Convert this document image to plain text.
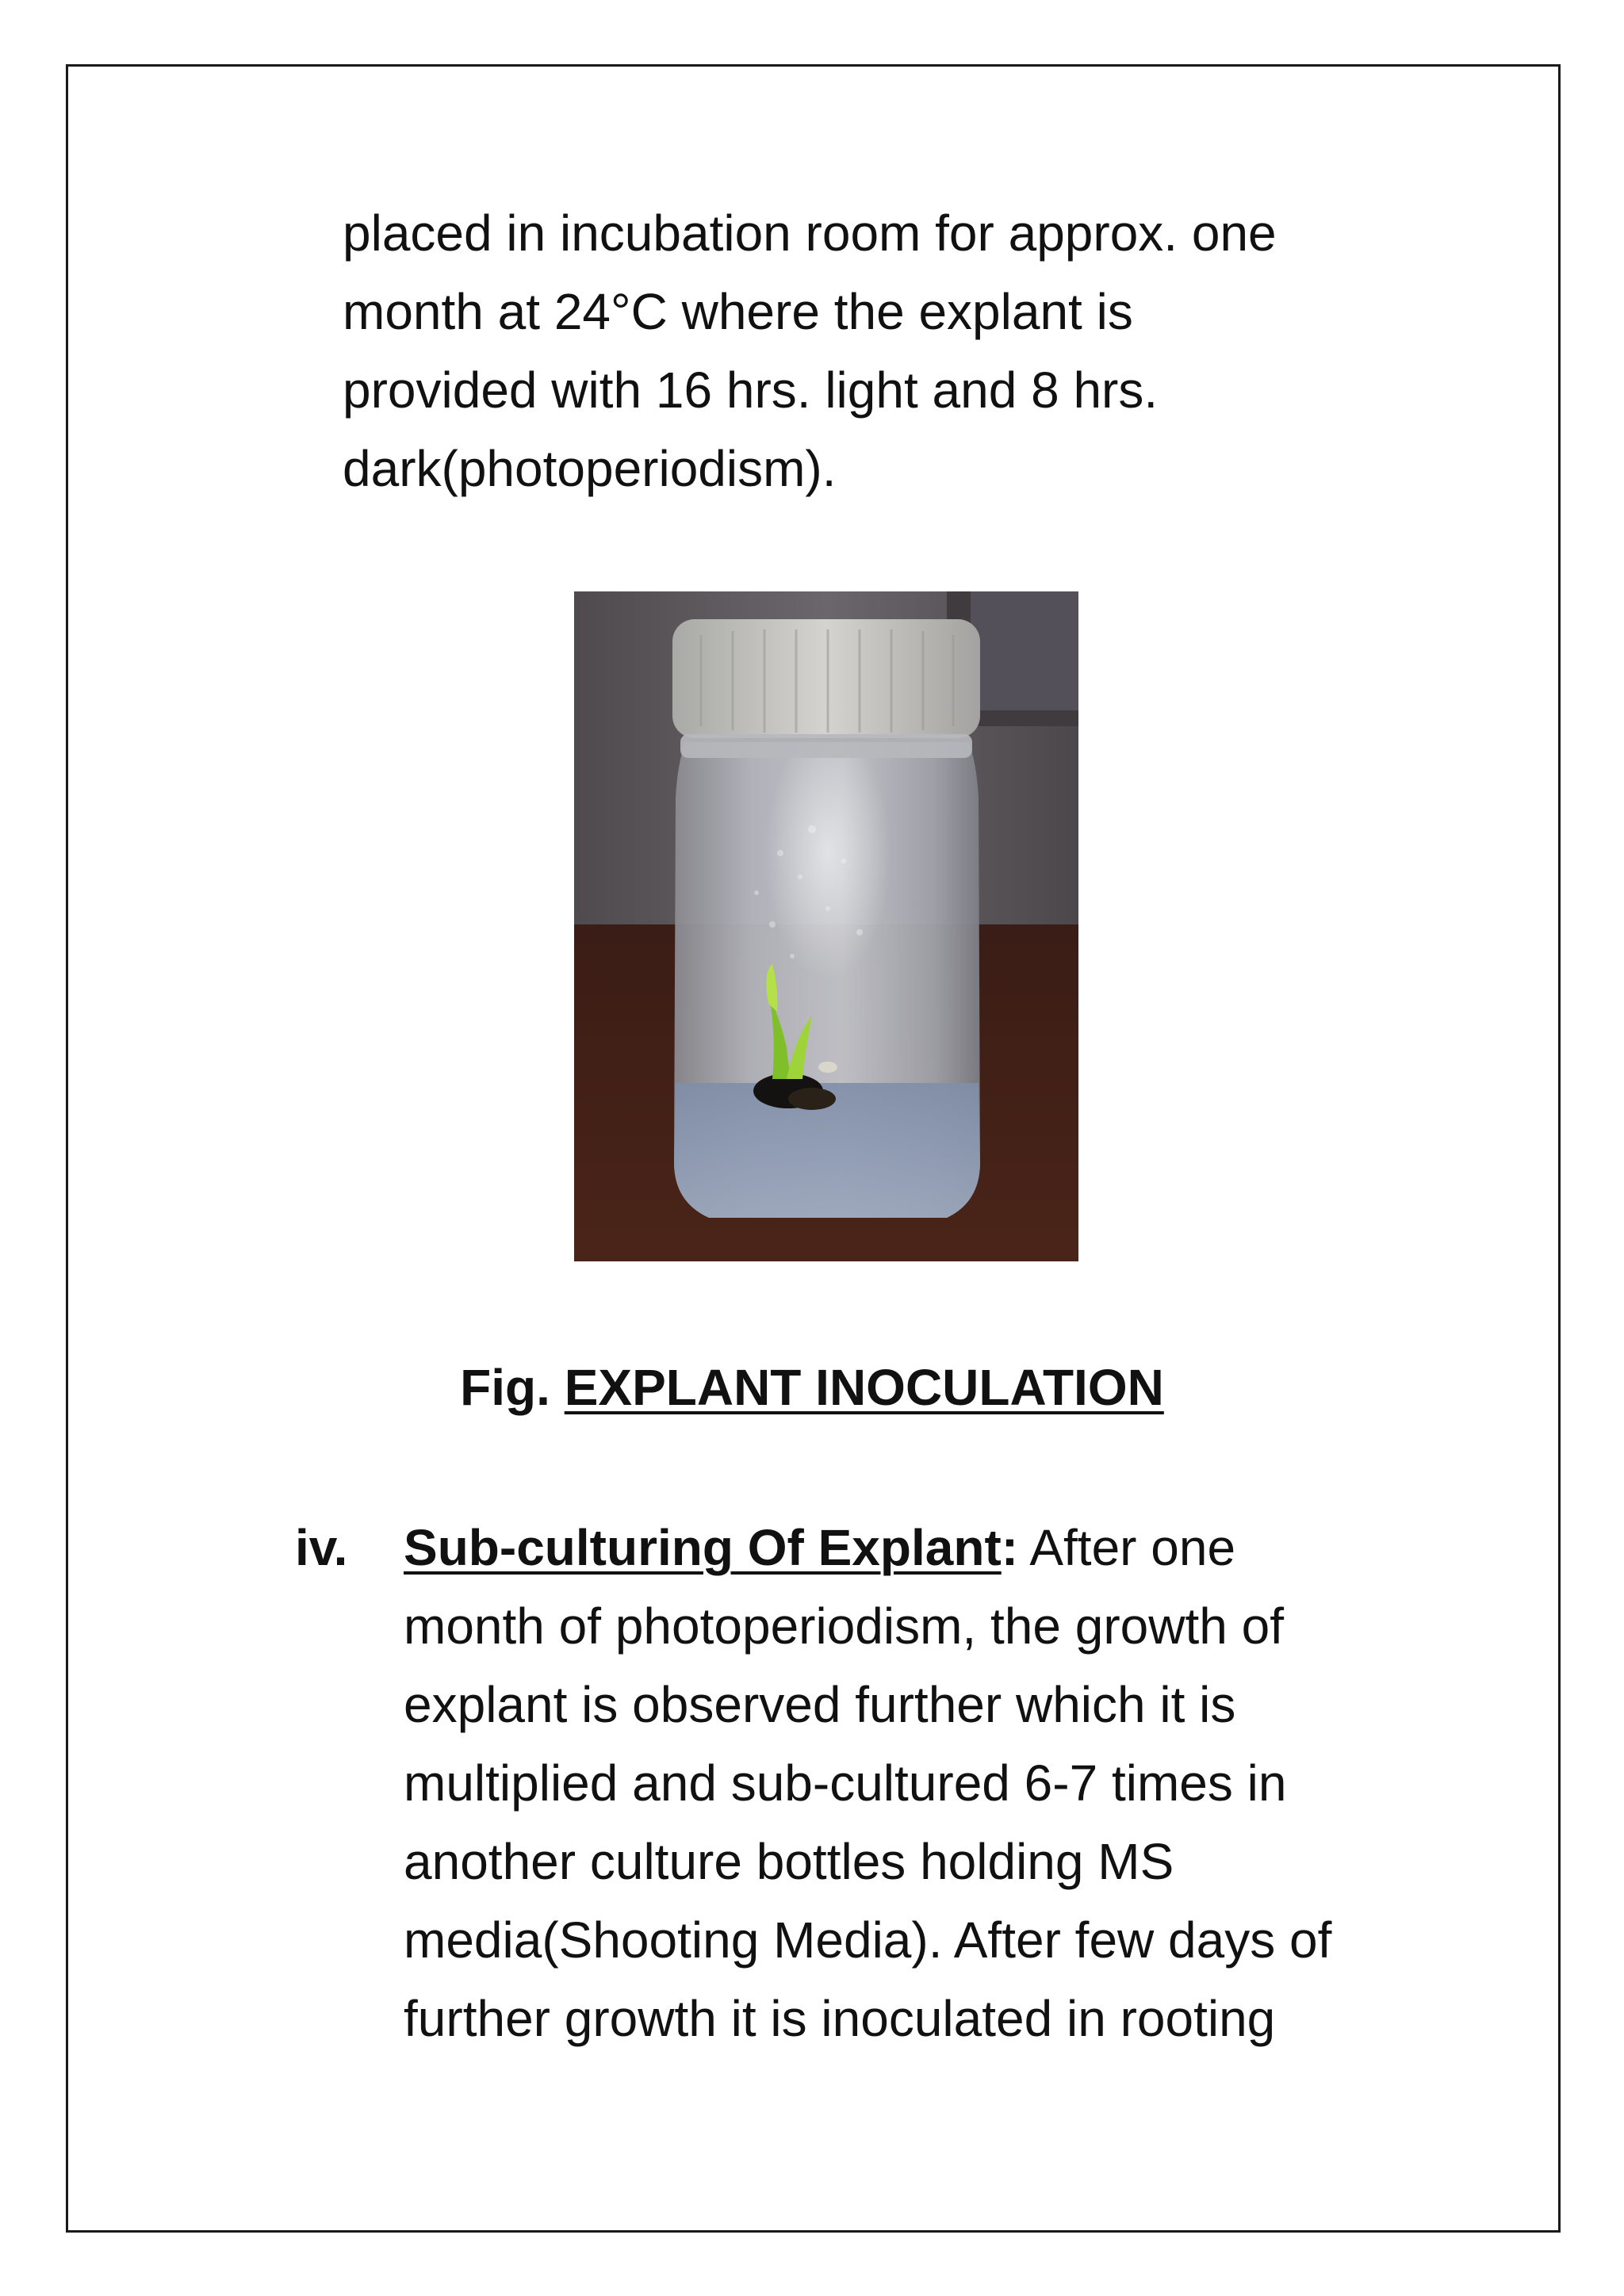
placed in incubation room for approx. one
month at 24°C where the explant is
provided with 16 hrs. light and 8 hrs.
dark(photoperiodism).
Fig. EXPLANT INOCULATION
iv. Sub-culturing Of Explant: After one
month of photoperiodism, the growth of
explant is observed further which it is
multiplied and sub-cultured 6-7 times in
another culture bottles holding MS
media(Shooting Media). After few days of
further growth it is inoculated in rooting
